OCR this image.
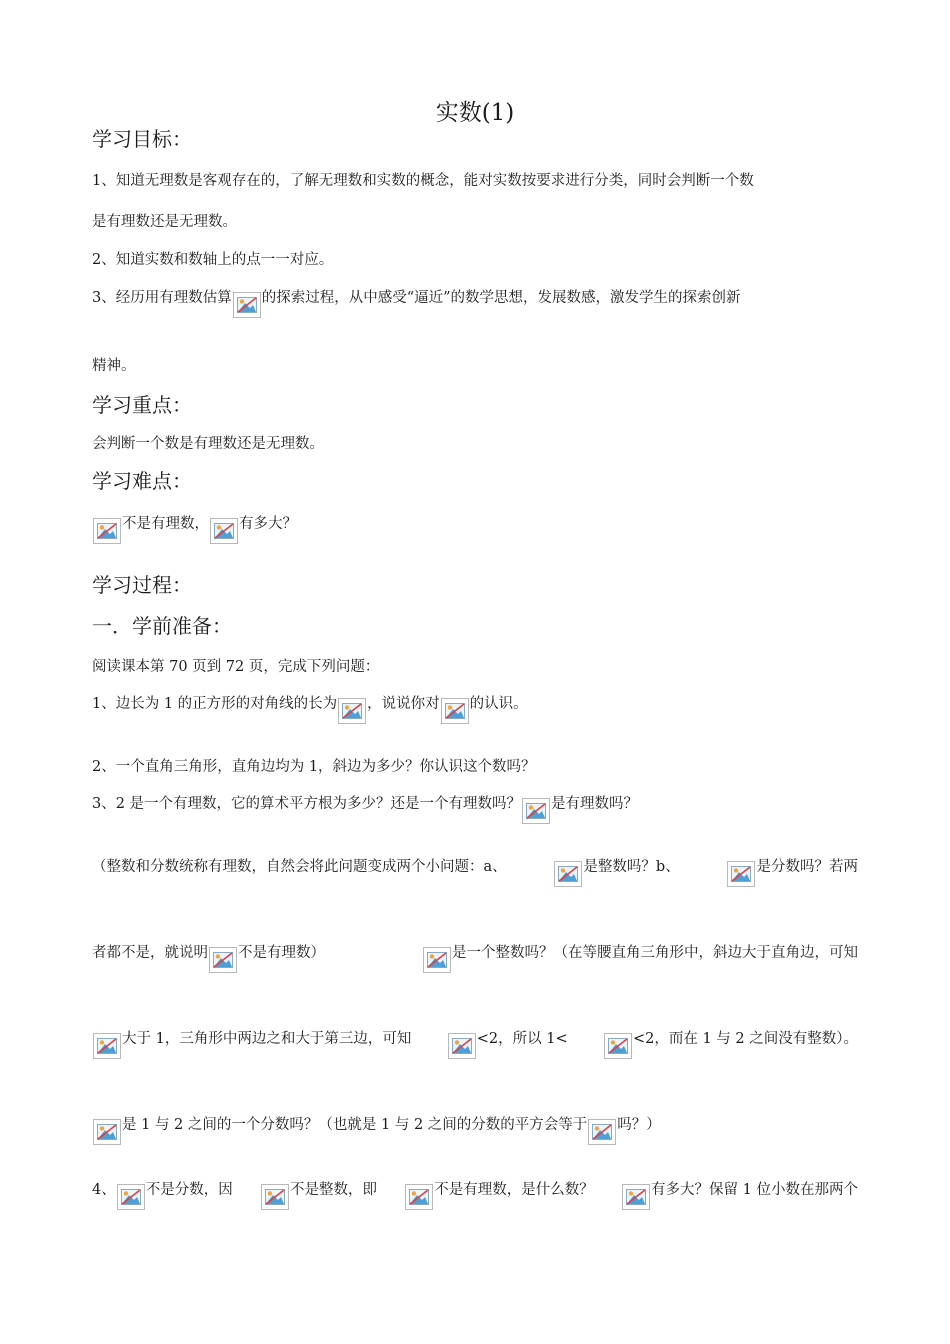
实数(1)
学习目标：
1、知道无理数是客观存在的，了解无理数和实数的概念，能对实数按要求进行分类，同时会判断一个数
是有理数还是无理数。
2、知道实数和数轴上的点一一对应。
3、经历用有理数估算 的探索过程，从中感受“逼近”的数学思想，发展数感，激发学生的探索创新
精神。
学习重点：
会判断一个数是有理数还是无理数。
学习难点：
不是有理数， 有多大？
学习过程：
一．学前准备：
阅读课本第 70 页到 72 页，完成下列问题：
1、边长为 1 的正方形的对角线的长为 ，说说你对 的认识。
2、一个直角三角形，直角边均为 1，斜边为多少？你认识这个数吗？
3、2 是一个有理数，它的算术平方根为多少？还是一个有理数吗？ 是有理数吗？
（整数和分数统称有理数，自然会将此问题变成两个小问题：a、	是整数吗？b、	是分数吗？若两
者都不是，就说明 不是有理数）	是一个整数吗？（在等腰直角三角形中，斜边大于直角边，可知
大于 1，三角形中两边之和大于第三边，可知	<2，所以 1<	<2，而在 1 与 2 之间没有整数）。
是 1 与 2 之间的一个分数吗？（也就是 1 与 2 之间的分数的平方会等于 吗？）
4、 不是分数，因	不是整数，即	不是有理数，是什么数？	有多大？保留 1 位小数在那两个
